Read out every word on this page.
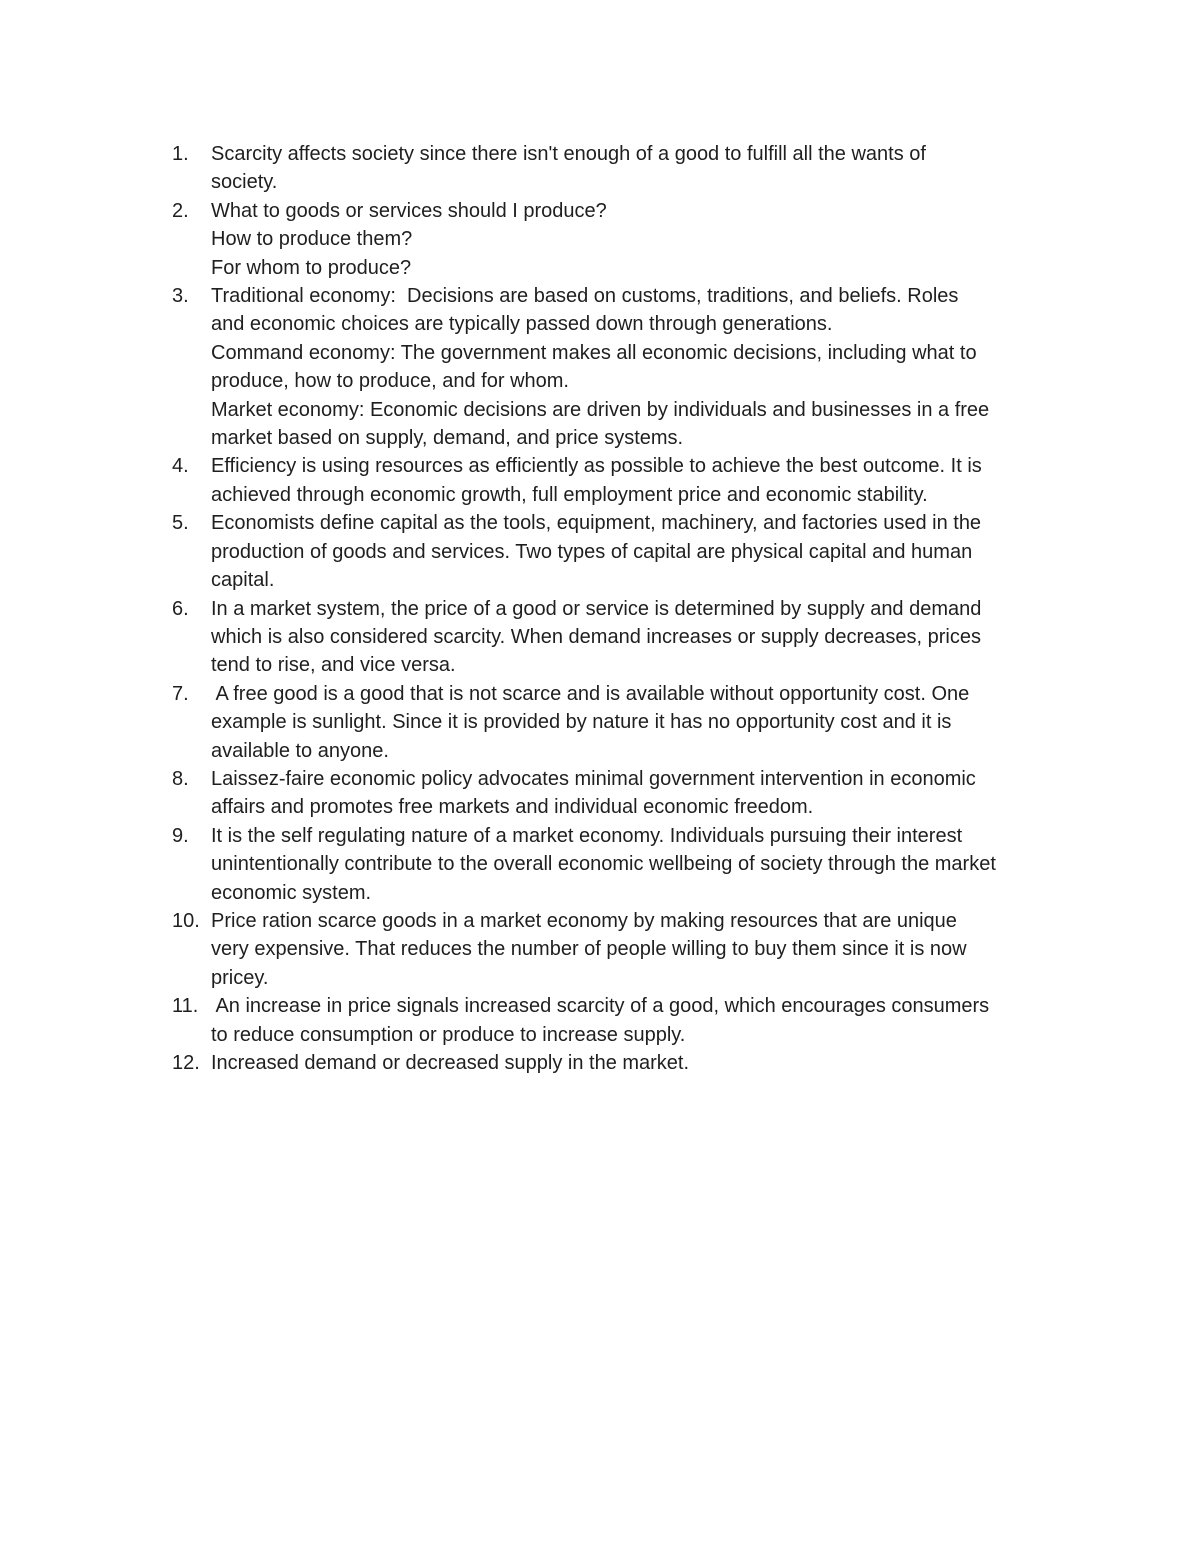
1.	Scarcity affects society since there isn't enough of a good to fulfill all the wants of
society.
2.	What to goods or services should I produce?
How to produce them?
For whom to produce?
3.	Traditional economy:  Decisions are based on customs, traditions, and beliefs. Roles
and economic choices are typically passed down through generations.
Command economy: The government makes all economic decisions, including what to
produce, how to produce, and for whom.
Market economy: Economic decisions are driven by individuals and businesses in a free
market based on supply, demand, and price systems.
4.	Efficiency is using resources as efficiently as possible to achieve the best outcome. It is
achieved through economic growth, full employment price and economic stability.
5.	Economists define capital as the tools, equipment, machinery, and factories used in the
production of goods and services. Two types of capital are physical capital and human
capital.
6.	In a market system, the price of a good or service is determined by supply and demand
which is also considered scarcity. When demand increases or supply decreases, prices
tend to rise, and vice versa.
7.	A free good is a good that is not scarce and is available without opportunity cost. One
example is sunlight. Since it is provided by nature it has no opportunity cost and it is
available to anyone.
8.	Laissez-faire economic policy advocates minimal government intervention in economic
affairs and promotes free markets and individual economic freedom.
9.	It is the self regulating nature of a market economy. Individuals pursuing their interest
unintentionally contribute to the overall economic wellbeing of society through the market
economic system.
10. Price ration scarce goods in a market economy by making resources that are unique
very expensive. That reduces the number of people willing to buy them since it is now
pricey.
11. An increase in price signals increased scarcity of a good, which encourages consumers
to reduce consumption or produce to increase supply.
12. Increased demand or decreased supply in the market.
